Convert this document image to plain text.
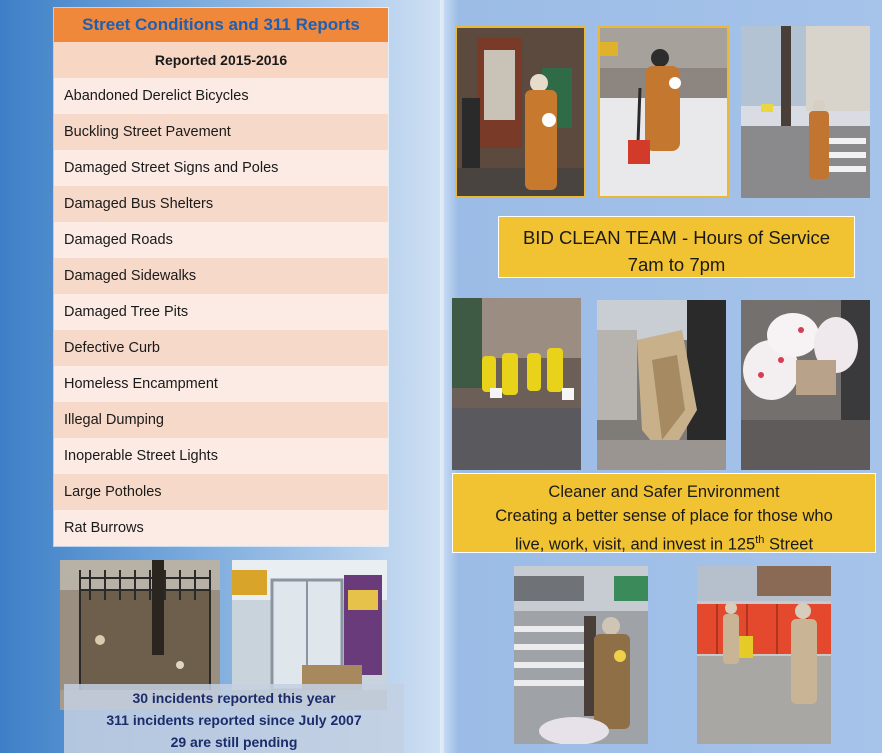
Street Conditions and 311 Reports
Reported 2015-2016
Abandoned Derelict Bicycles
Buckling Street Pavement
Damaged Street Signs and Poles
Damaged Bus Shelters
Damaged Roads
Damaged Sidewalks
Damaged Tree Pits
Defective Curb
Homeless Encampment
Illegal Dumping
Inoperable Street Lights
Large Potholes
Rat Burrows
30 incidents reported this year
311 incidents reported since July 2007
29 are still pending
BID CLEAN TEAM - Hours of Service
7am to 7pm
Cleaner and Safer Environment
Creating a better sense of place for those who
live, work, visit, and invest in 125th Street
